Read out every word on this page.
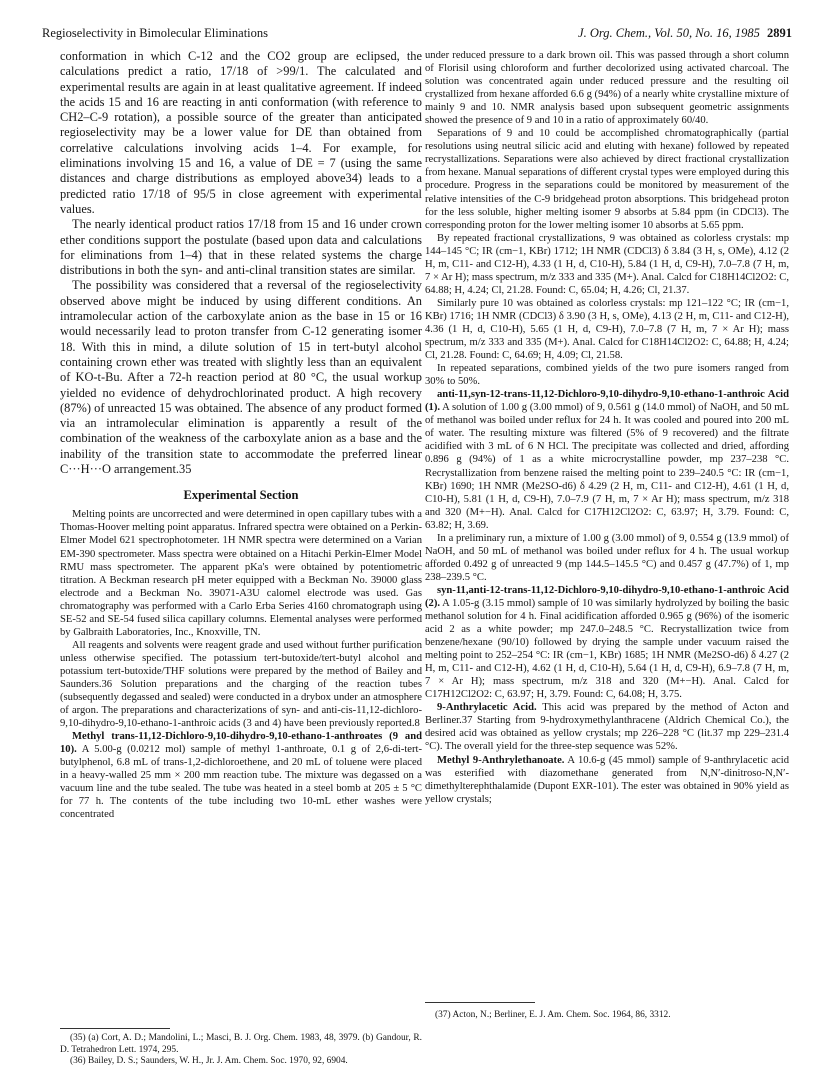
Regioselectivity in Bimolecular Eliminations	J. Org. Chem., Vol. 50, No. 16, 1985 2891

conformation in which C-12 and the CO2 group are eclipsed, the calculations predict a ratio, 17/18 of >99/1. The calculated and experimental results are again in at least qualitative agreement. If indeed the acids 15 and 16 are reacting in anti conformation (with reference to CH2–C-9 rotation), a possible source of the greater than anticipated regioselectivity may be a lower value for DE than obtained from correlative calculations involving acids 1–4. For example, for eliminations involving 15 and 16, a value of DE = 7 (using the same distances and charge distributions as employed above34) leads to a predicted ratio 17/18 of 95/5 in close agreement with experimental values.

The nearly identical product ratios 17/18 from 15 and 16 under crown ether conditions support the postulate (based upon data and calculations for eliminations from 1–4) that in these related systems the charge distributions in both the syn- and anti-clinal transition states are similar.

The possibility was considered that a reversal of the regioselectivity observed above might be induced by using different conditions. An intramolecular action of the carboxylate anion as the base in 15 or 16 would necessarily lead to proton transfer from C-12 generating isomer 18. With this in mind, a dilute solution of 15 in tert-butyl alcohol containing crown ether was treated with slightly less than an equivalent of KO-t-Bu. After a 72-h reaction period at 80 °C, the usual workup yielded no evidence of dehydrochlorinated product. A high recovery (87%) of unreacted 15 was obtained. The absence of any product formed via an intramolecular elimination is apparently a result of the combination of the weakness of the carboxylate anion as a base and the inability of the transition state to accommodate the preferred linear C···H···O arrangement.35

Experimental Section

Melting points are uncorrected and were determined in open capillary tubes with a Thomas-Hoover melting point apparatus. Infrared spectra were obtained on a Perkin-Elmer Model 621 spectrophotometer. 1H NMR spectra were determined on a Varian EM-390 spectrometer. Mass spectra were obtained on a Hitachi Perkin-Elmer Model RMU mass spectrometer. The apparent pKa's were obtained by potentiometric titration. A Beckman research pH meter equipped with a Beckman No. 39000 glass electrode and a Beckman No. 39071-A3U calomel electrode was used. Gas chromatography was performed with a Carlo Erba Series 4160 chromatograph using SE-52 and SE-54 fused silica capillary columns. Elemental analyses were performed by Galbraith Laboratories, Inc., Knoxville, TN.

All reagents and solvents were reagent grade and used without further purification unless otherwise specified. The potassium tert-butoxide/tert-butyl alcohol and potassium tert-butoxide/THF solutions were prepared by the method of Bailey and Saunders.36 Solution preparations and the charging of the reaction tubes (subsequently degassed and sealed) were conducted in a drybox under an atmosphere of argon. The preparations and characterizations of syn- and anti-cis-11,12-dichloro-9,10-dihydro-9,10-ethano-1-anthroic acids (3 and 4) have been previously reported.8

Methyl trans-11,12-Dichloro-9,10-dihydro-9,10-ethano-1-anthroates (9 and 10). A 5.00-g (0.0212 mol) sample of methyl 1-anthroate, 0.1 g of 2,6-di-tert-butylphenol, 6.8 mL of trans-1,2-dichloroethene, and 20 mL of toluene were placed in a heavy-walled 25 mm × 200 mm reaction tube. The mixture was degassed on a vacuum line and the tube sealed. The tube was heated in a steel bomb at 205 ± 5 °C for 77 h. The contents of the tube including two 10-mL ether washes were concentrated

under reduced pressure to a dark brown oil. This was passed through a short column of Florisil using chloroform and further decolorized using activated charcoal. The solution was concentrated again under reduced pressure and the resulting oil crystallized from hexane afforded 6.6 g (94%) of a nearly white crystalline mixture of mainly 9 and 10. NMR analysis based upon subsequent geometric assignments showed the presence of 9 and 10 in a ratio of approximately 60/40.

Separations of 9 and 10 could be accomplished chromatographically (partial resolutions using neutral silicic acid and eluting with hexane) followed by repeated recrystallizations. Separations were also achieved by direct fractional crystallization from hexane. Manual separations of different crystal types were employed during this procedure. Progress in the separations could be monitored by measurement of the relative intensities of the C-9 bridgehead proton absorptions. This bridgehead proton for the less soluble, higher melting isomer 9 absorbs at 5.84 ppm (in CDCl3). The corresponding proton for the lower melting isomer 10 absorbs at 5.65 ppm.

By repeated fractional crystallizations, 9 was obtained as colorless crystals: mp 144–145 °C; IR (cm−1, KBr) 1712; 1H NMR (CDCl3) δ 3.84 (3 H, s, OMe), 4.12 (2 H, m, C11- and C12-H), 4.33 (1 H, d, C10-H), 5.84 (1 H, d, C9-H), 7.0–7.8 (7 H, m, 7 × Ar H); mass spectrum, m/z 333 and 335 (M+). Anal. Calcd for C18H14Cl2O2: C, 64.88; H, 4.24; Cl, 21.28. Found: C, 65.04; H, 4.26; Cl, 21.37.

Similarly pure 10 was obtained as colorless crystals: mp 121–122 °C; IR (cm−1, KBr) 1716; 1H NMR (CDCl3) δ 3.90 (3 H, s, OMe), 4.13 (2 H, m, C11- and C12-H), 4.36 (1 H, d, C10-H), 5.65 (1 H, d, C9-H), 7.0–7.8 (7 H, m, 7 × Ar H); mass spectrum, m/z 333 and 335 (M+). Anal. Calcd for C18H14Cl2O2: C, 64.88; H, 4.24; Cl, 21.28. Found: C, 64.69; H, 4.09; Cl, 21.58.

In repeated separations, combined yields of the two pure isomers ranged from 30% to 50%.

anti-11,syn-12-trans-11,12-Dichloro-9,10-dihydro-9,10-ethano-1-anthroic Acid (1). A solution of 1.00 g (3.00 mmol) of 9, 0.561 g (14.0 mmol) of NaOH, and 50 mL of methanol was boiled under reflux for 24 h. It was cooled and poured into 200 mL of water. The resulting mixture was filtered (5% of 9 recovered) and the filtrate acidified with 3 mL of 6 N HCl. The precipitate was collected and dried, affording 0.896 g (94%) of 1 as a white microcrystalline powder, mp 237–238 °C. Recrystallization from benzene raised the melting point to 239–240.5 °C: IR (cm−1, KBr) 1690; 1H NMR (Me2SO-d6) δ 4.29 (2 H, m, C11- and C12-H), 4.61 (1 H, d, C10-H), 5.81 (1 H, d, C9-H), 7.0–7.9 (7 H, m, 7 × Ar H); mass spectrum, m/z 318 and 320 (M+−H). Anal. Calcd for C17H12Cl2O2: C, 63.97; H, 3.79. Found: C, 63.82; H, 3.69.

In a preliminary run, a mixture of 1.00 g (3.00 mmol) of 9, 0.554 g (13.9 mmol) of NaOH, and 50 mL of methanol was boiled under reflux for 4 h. The usual workup afforded 0.492 g of unreacted 9 (mp 144.5–145.5 °C) and 0.457 g (47.7%) of 1, mp 238–239.5 °C.

syn-11,anti-12-trans-11,12-Dichloro-9,10-dihydro-9,10-ethano-1-anthroic Acid (2). A 1.05-g (3.15 mmol) sample of 10 was similarly hydrolyzed by boiling the basic methanol solution for 4 h. Final acidification afforded 0.965 g (96%) of the isomeric acid 2 as a white powder; mp 247.0–248.5 °C. Recrystallization twice from benzene/hexane (90/10) followed by drying the sample under vacuum raised the melting point to 252–254 °C: IR (cm−1, KBr) 1685; 1H NMR (Me2SO-d6) δ 4.27 (2 H, m, C11- and C12-H), 4.62 (1 H, d, C10-H), 5.64 (1 H, d, C9-H), 6.9–7.8 (7 H, m, 7 × Ar H); mass spectrum, m/z 318 and 320 (M+−H). Anal. Calcd for C17H12Cl2O2: C, 63.97; H, 3.79. Found: C, 64.08; H, 3.75.

9-Anthrylacetic Acid. This acid was prepared by the method of Acton and Berliner.37 Starting from 9-hydroxymethylanthracene (Aldrich Chemical Co.), the desired acid was obtained as yellow crystals; mp 226–228 °C (lit.37 mp 229–231.4 °C). The overall yield for the three-step sequence was 52%.

Methyl 9-Anthrylethanoate. A 10.6-g (45 mmol) sample of 9-anthrylacetic acid was esterified with diazomethane generated from N,N′-dinitroso-N,N′-dimethylterephthalamide (Dupont EXR-101). The ester was obtained in 90% yield as yellow crystals;

(35) (a) Cort, A. D.; Mandolini, L.; Masci, B. J. Org. Chem. 1983, 48, 3979. (b) Gandour, R. D. Tetrahedron Lett. 1974, 295.

(36) Bailey, D. S.; Saunders, W. H., Jr. J. Am. Chem. Soc. 1970, 92, 6904.

(37) Acton, N.; Berliner, E. J. Am. Chem. Soc. 1964, 86, 3312.
